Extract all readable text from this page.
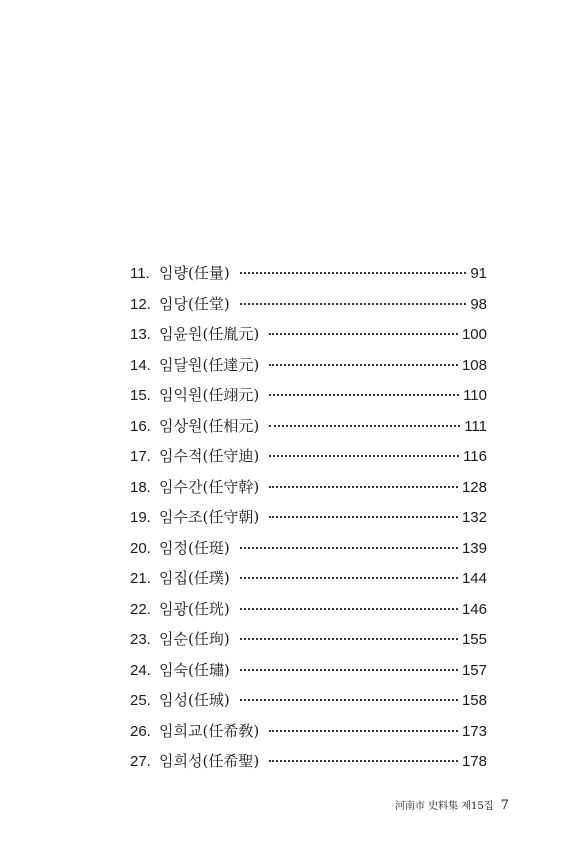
11. 임량(任量)	91
12. 임당(任堂)	98
13. 임윤원(任胤元)	100
14. 임달원(任達元)	108
15. 임익원(任翊元)	110
16. 임상원(任相元)	111
17. 임수적(任守迪)	116
18. 임수간(任守幹)	128
19. 임수조(任守朝)	132
20. 임정(任珽)	139
21. 임집(任璞)	144
22. 임광(任珖)	146
23. 임순(任珣)	155
24. 임숙(任璛)	157
25. 임성(任珹)	158
26. 임희교(任希敎)	173
27. 임희성(任希聖)	178
河南市 史料集 제15집 7
